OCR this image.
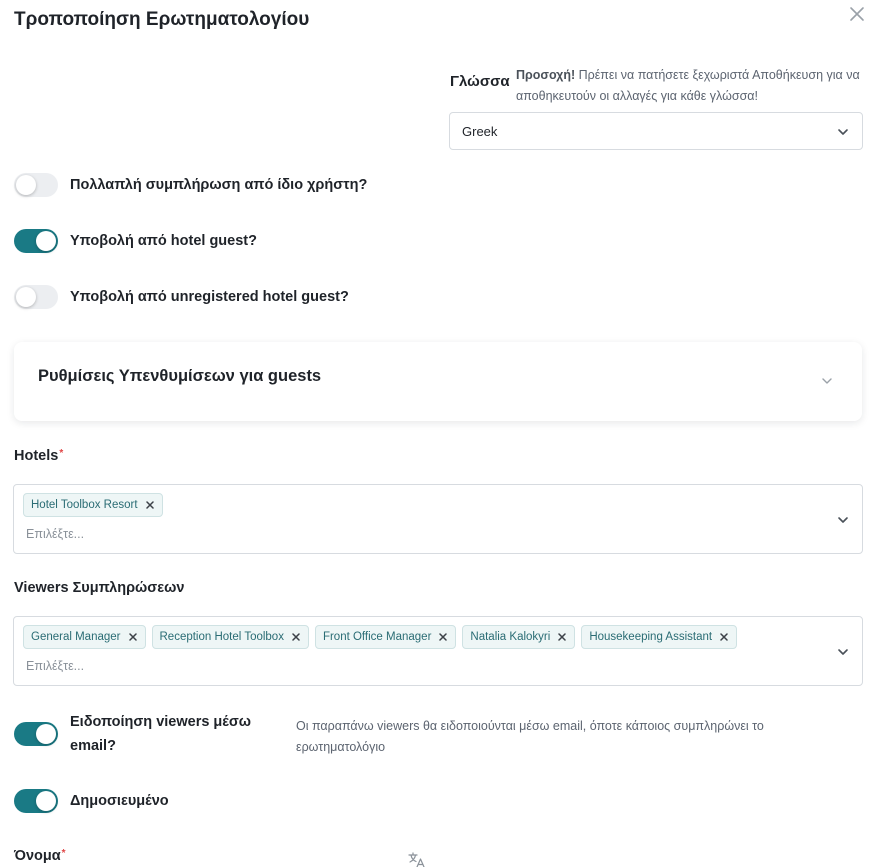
Τροποποίηση Ερωτηματολογίου
Γλώσσα Προσοχή! Πρέπει να πατήσετε ξεχωριστά Αποθήκευση για να αποθηκευτούν οι αλλαγές για κάθε γλώσσα!
Greek
Πολλαπλή συμπλήρωση από ίδιο χρήστη?
Υποβολή από hotel guest?
Υποβολή από unregistered hotel guest?
Ρυθμίσεις Υπενθυμίσεων για guests
Hotels*
Hotel Toolbox Resort
Επιλέξτε...
Viewers Συμπληρώσεων
General Manager	Reception Hotel Toolbox	Front Office Manager	Natalia Kalokyri	Housekeeping Assistant
Επιλέξτε...
Ειδοποίηση viewers μέσω email?
Οι παραπάνω viewers θα ειδοποιούνται μέσω email, όποτε κάποιος συμπληρώνει το ερωτηματολόγιο
Δημοσιευμένο
Όνομα*
